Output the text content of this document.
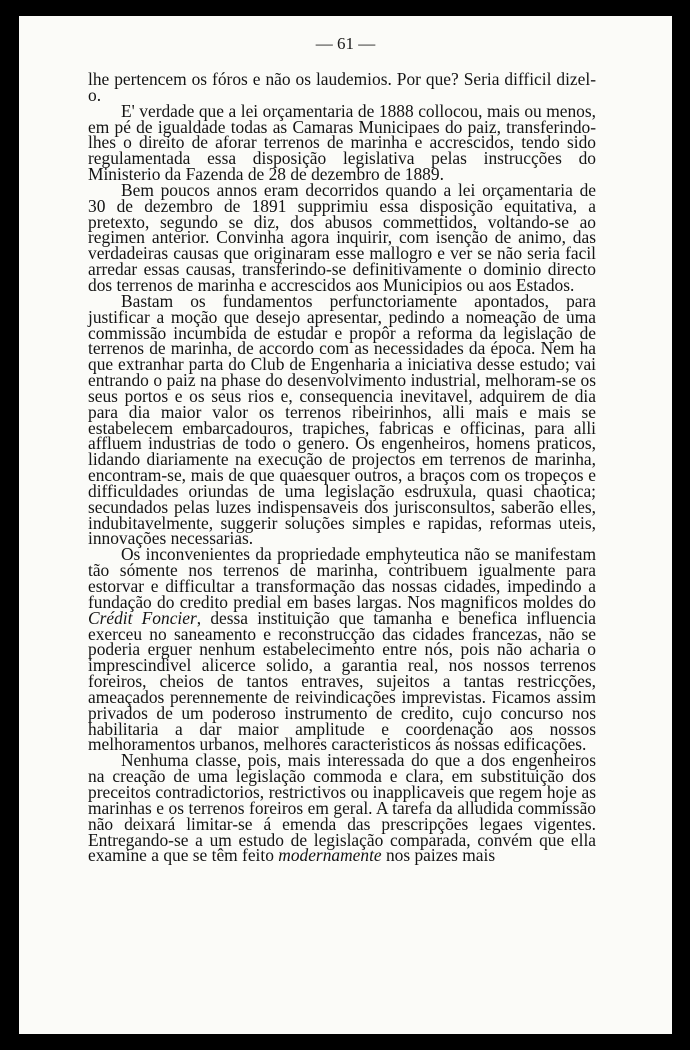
— 61 —

lhe pertencem os fóros e não os laudemios. Por que? Seria difficil dizel-o.

E' verdade que a lei orçamentaria de 1888 collocou, mais ou menos, em pé de igualdade todas as Camaras Municipaes do paiz, transferindo-lhes o direito de aforar terrenos de marinha e accrescidos, tendo sido regulamentada essa disposição legislativa pelas instrucções do Ministerio da Fazenda de 28 de dezembro de 1889.

Bem poucos annos eram decorridos quando a lei orçamentaria de 30 de dezembro de 1891 supprimiu essa disposição equitativa, a pretexto, segundo se diz, dos abusos commettidos, voltando-se ao regimen anterior. Convinha agora inquirir, com isenção de animo, das verdadeiras causas que originaram esse mallogro e ver se não seria facil arredar essas causas, transferindo-se definitivamente o dominio directo dos terrenos de marinha e accrescidos aos Municipios ou aos Estados.

Bastam os fundamentos perfunctoriamente apontados, para justificar a moção que desejo apresentar, pedindo a nomeação de uma commissão incumbida de estudar e propôr a reforma da legislação de terrenos de marinha, de accordo com as necessidades da época. Nem ha que extranhar parta do Club de Engenharia a iniciativa desse estudo; vai entrando o paiz na phase do desenvolvimento industrial, melhoram-se os seus portos e os seus rios e, consequencia inevitavel, adquirem de dia para dia maior valor os terrenos ribeirinhos, alli mais e mais se estabelecem embarcadouros, trapiches, fabricas e officinas, para alli affluem industrias de todo o genero. Os engenheiros, homens praticos, lidando diariamente na execução de projectos em terrenos de marinha, encontram-se, mais de que quaesquer outros, a braços com os tropeços e difficuldades oriundas de uma legislação esdruxula, quasi chaotica; secundados pelas luzes indispensaveis dos jurisconsultos, saberão elles, indubitavelmente, suggerir soluções simples e rapidas, reformas uteis, innovações necessarias.

Os inconvenientes da propriedade emphyteutica não se manifestam tão sómente nos terrenos de marinha, contribuem igualmente para estorvar e difficultar a transformação das nossas cidades, impedindo a fundação do credito predial em bases largas. Nos magnificos moldes do Crédit Foncier, dessa instituição que tamanha e benefica influencia exerceu no saneamento e reconstrucção das cidades francezas, não se poderia erguer nenhum estabelecimento entre nós, pois não acharia o imprescindivel alicerce solido, a garantia real, nos nossos terrenos foreiros, cheios de tantos entraves, sujeitos a tantas restricções, ameaçados perennemente de reivindicações imprevistas. Ficamos assim privados de um poderoso instrumento de credito, cujo concurso nos habilitaria a dar maior amplitude e coordenação aos nossos melhoramentos urbanos, melhores caracteristicos ás nossas edificações.

Nenhuma classe, pois, mais interessada do que a dos engenheiros na creação de uma legislação commoda e clara, em substituição dos preceitos contradictorios, restrictivos ou inapplicaveis que regem hoje as marinhas e os terrenos foreiros em geral. A tarefa da alludida commissão não deixará limitar-se á emenda das prescripções legaes vigentes. Entregando-se a um estudo de legislação comparada, convém que ella examine a que se têm feito modernamente nos paizes mais
